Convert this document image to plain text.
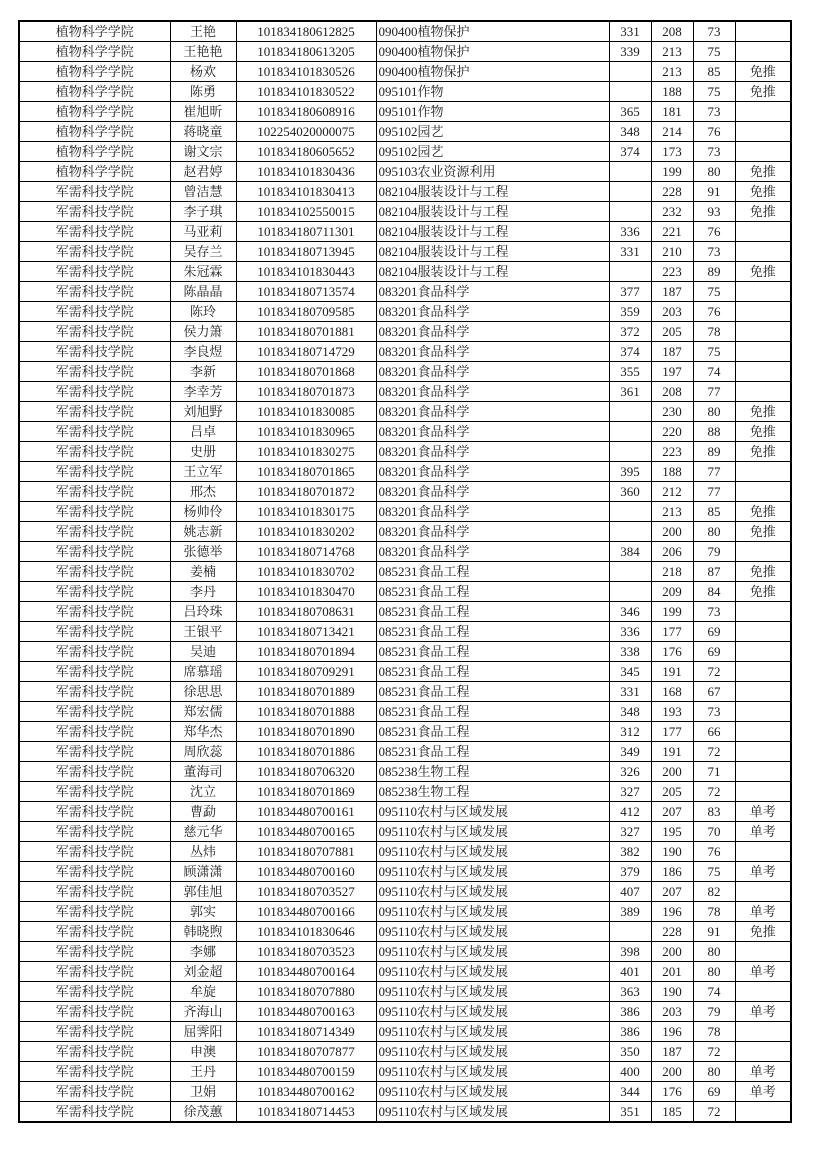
植物科学学院	王艳	101834180612825	090400植物保护	331	208	73	
植物科学学院	王艳艳	101834180613205	090400植物保护	339	213	75	
植物科学学院	杨欢	101834101830526	090400植物保护		213	85	免推
植物科学学院	陈勇	101834101830522	095101作物		188	75	免推
植物科学学院	崔旭昕	101834180608916	095101作物	365	181	73	
植物科学学院	蒋晓童	102254020000075	095102园艺	348	214	76	
植物科学学院	谢文宗	101834180605652	095102园艺	374	173	73	
植物科学学院	赵君婷	101834101830436	095103农业资源利用		199	80	免推
军需科技学院	曾洁慧	101834101830413	082104服装设计与工程		228	91	免推
军需科技学院	李子琪	101834102550015	082104服装设计与工程		232	93	免推
军需科技学院	马亚莉	101834180711301	082104服装设计与工程	336	221	76	
军需科技学院	吴存兰	101834180713945	082104服装设计与工程	331	210	73	
军需科技学院	朱冠霖	101834101830443	082104服装设计与工程		223	89	免推
军需科技学院	陈晶晶	101834180713574	083201食品科学	377	187	75	
军需科技学院	陈玲	101834180709585	083201食品科学	359	203	76	
军需科技学院	侯力箫	101834180701881	083201食品科学	372	205	78	
军需科技学院	李良煜	101834180714729	083201食品科学	374	187	75	
军需科技学院	李新	101834180701868	083201食品科学	355	197	74	
军需科技学院	李幸芳	101834180701873	083201食品科学	361	208	77	
军需科技学院	刘旭野	101834101830085	083201食品科学		230	80	免推
军需科技学院	吕卓	101834101830965	083201食品科学		220	88	免推
军需科技学院	史册	101834101830275	083201食品科学		223	89	免推
军需科技学院	王立军	101834180701865	083201食品科学	395	188	77	
军需科技学院	邢杰	101834180701872	083201食品科学	360	212	77	
军需科技学院	杨帅伶	101834101830175	083201食品科学		213	85	免推
军需科技学院	姚志新	101834101830202	083201食品科学		200	80	免推
军需科技学院	张德举	101834180714768	083201食品科学	384	206	79	
军需科技学院	姜楠	101834101830702	085231食品工程		218	87	免推
军需科技学院	李丹	101834101830470	085231食品工程		209	84	免推
军需科技学院	吕玲珠	101834180708631	085231食品工程	346	199	73	
军需科技学院	王银平	101834180713421	085231食品工程	336	177	69	
军需科技学院	吴迪	101834180701894	085231食品工程	338	176	69	
军需科技学院	席慕瑶	101834180709291	085231食品工程	345	191	72	
军需科技学院	徐思思	101834180701889	085231食品工程	331	168	67	
军需科技学院	郑宏儒	101834180701888	085231食品工程	348	193	73	
军需科技学院	郑华杰	101834180701890	085231食品工程	312	177	66	
军需科技学院	周欣蕊	101834180701886	085231食品工程	349	191	72	
军需科技学院	董海司	101834180706320	085238生物工程	326	200	71	
军需科技学院	沈立	101834180701869	085238生物工程	327	205	72	
军需科技学院	曹勐	101834480700161	095110农村与区域发展	412	207	83	单考
军需科技学院	慈元华	101834480700165	095110农村与区域发展	327	195	70	单考
军需科技学院	丛炜	101834180707881	095110农村与区域发展	382	190	76	
军需科技学院	顾潇潇	101834480700160	095110农村与区域发展	379	186	75	单考
军需科技学院	郭佳旭	101834180703527	095110农村与区域发展	407	207	82	
军需科技学院	郭实	101834480700166	095110农村与区域发展	389	196	78	单考
军需科技学院	韩晓煦	101834101830646	095110农村与区域发展		228	91	免推
军需科技学院	李娜	101834180703523	095110农村与区域发展	398	200	80	
军需科技学院	刘金超	101834480700164	095110农村与区域发展	401	201	80	单考
军需科技学院	牟旋	101834180707880	095110农村与区域发展	363	190	74	
军需科技学院	齐海山	101834480700163	095110农村与区域发展	386	203	79	单考
军需科技学院	屈霁阳	101834180714349	095110农村与区域发展	386	196	78	
军需科技学院	申澳	101834180707877	095110农村与区域发展	350	187	72	
军需科技学院	王丹	101834480700159	095110农村与区域发展	400	200	80	单考
军需科技学院	卫娟	101834480700162	095110农村与区域发展	344	176	69	单考
军需科技学院	徐茂蕙	101834180714453	095110农村与区域发展	351	185	72	
